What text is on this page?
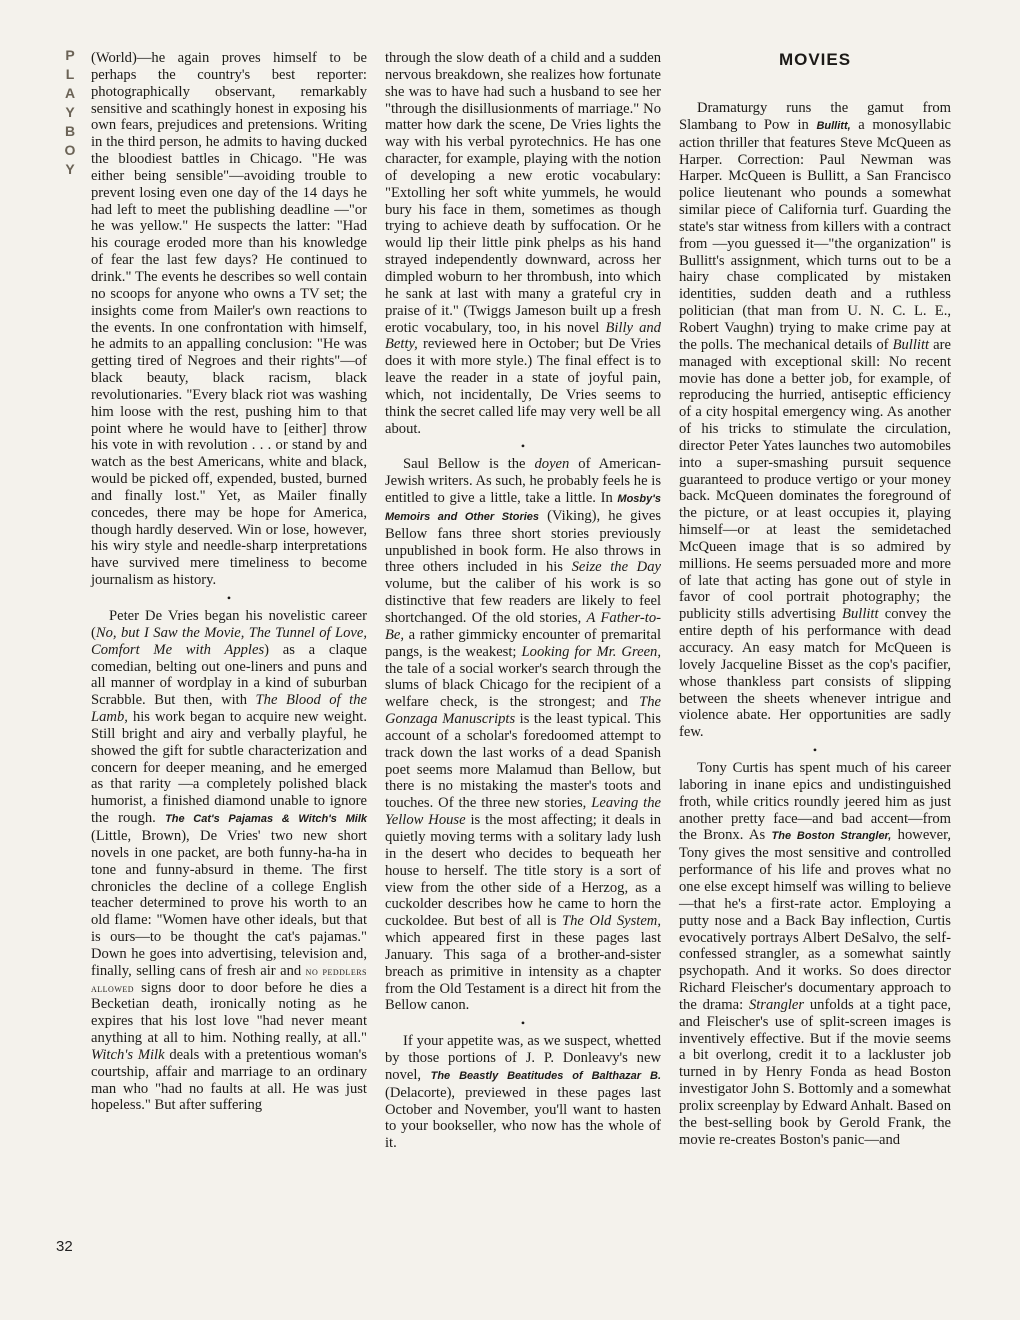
P
L
A
Y
B
O
Y
32

(World)—he again proves himself to be perhaps the country's best reporter: photographically observant, remarkably sensitive and scathingly honest in exposing his own fears, prejudices and pretensions. Writing in the third person, he admits to having ducked the bloodiest battles in Chicago. "He was either being sensible"—avoiding trouble to prevent losing even one day of the 14 days he had left to meet the publishing deadline —"or he was yellow." He suspects the latter: "Had his courage eroded more than his knowledge of fear the last few days? He continued to drink." The events he describes so well contain no scoops for anyone who owns a TV set; the insights come from Mailer's own reactions to the events. In one confrontation with himself, he admits to an appalling conclusion: "He was getting tired of Negroes and their rights"—of black beauty, black racism, black revolutionaries. "Every black riot was washing him loose with the rest, pushing him to that point where he would have to [either] throw his vote in with revolution . . . or stand by and watch as the best Americans, white and black, would be picked off, expended, busted, burned and finally lost." Yet, as Mailer finally concedes, there may be hope for America, though hardly deserved. Win or lose, however, his wiry style and needle-sharp interpretations have survived mere timeliness to become journalism as history.

•

Peter De Vries began his novelistic career (No, but I Saw the Movie, The Tunnel of Love, Comfort Me with Apples) as a claque comedian, belting out one-liners and puns and all manner of wordplay in a kind of suburban Scrabble. But then, with The Blood of the Lamb, his work began to acquire new weight. Still bright and airy and verbally playful, he showed the gift for subtle characterization and concern for deeper meaning, and he emerged as that rarity —a completely polished black humorist, a finished diamond unable to ignore the rough. The Cat's Pajamas & Witch's Milk (Little, Brown), De Vries' two new short novels in one packet, are both funny-ha-ha in tone and funny-absurd in theme. The first chronicles the decline of a college English teacher determined to prove his worth to an old flame: "Women have other ideals, but that is ours—to be thought the cat's pajamas." Down he goes into advertising, television and, finally, selling cans of fresh air and no peddlers allowed signs door to door before he dies a Becketian death, ironically noting as he expires that his lost love "had never meant anything at all to him. Nothing really, at all." Witch's Milk deals with a pretentious woman's courtship, affair and marriage to an ordinary man who "had no faults at all. He was just hopeless." But after suffering

through the slow death of a child and a sudden nervous breakdown, she realizes how fortunate she was to have had such a husband to see her "through the disillusionments of marriage." No matter how dark the scene, De Vries lights the way with his verbal pyrotechnics. He has one character, for example, playing with the notion of developing a new erotic vocabulary: "Extolling her soft white yummels, he would bury his face in them, sometimes as though trying to achieve death by suffocation. Or he would lip their little pink phelps as his hand strayed independently downward, across her dimpled woburn to her thrombush, into which he sank at last with many a grateful cry in praise of it." (Twiggs Jameson built up a fresh erotic vocabulary, too, in his novel Billy and Betty, reviewed here in October; but De Vries does it with more style.) The final effect is to leave the reader in a state of joyful pain, which, not incidentally, De Vries seems to think the secret called life may very well be all about.

•

Saul Bellow is the doyen of American-Jewish writers. As such, he probably feels he is entitled to give a little, take a little. In Mosby's Memoirs and Other Stories (Viking), he gives Bellow fans three short stories previously unpublished in book form. He also throws in three others included in his Seize the Day volume, but the caliber of his work is so distinctive that few readers are likely to feel shortchanged. Of the old stories, A Father-to-Be, a rather gimmicky encounter of premarital pangs, is the weakest; Looking for Mr. Green, the tale of a social worker's search through the slums of black Chicago for the recipient of a welfare check, is the strongest; and The Gonzaga Manuscripts is the least typical. This account of a scholar's foredoomed attempt to track down the last works of a dead Spanish poet seems more Malamud than Bellow, but there is no mistaking the master's toots and touches. Of the three new stories, Leaving the Yellow House is the most affecting; it deals in quietly moving terms with a solitary lady lush in the desert who decides to bequeath her house to herself. The title story is a sort of view from the other side of a Herzog, as a cuckolder describes how he came to horn the cuckoldee. But best of all is The Old System, which appeared first in these pages last January. This saga of a brother-and-sister breach as primitive in intensity as a chapter from the Old Testament is a direct hit from the Bellow canon.

•

If your appetite was, as we suspect, whetted by those portions of J. P. Donleavy's new novel, The Beastly Beatitudes of Balthazar B. (Delacorte), previewed in these pages last October and November, you'll want to hasten to your bookseller, who now has the whole of it.

MOVIES

Dramaturgy runs the gamut from Slambang to Pow in Bullitt, a monosyllabic action thriller that features Steve McQueen as Harper. Correction: Paul Newman was Harper. McQueen is Bullitt, a San Francisco police lieutenant who pounds a somewhat similar piece of California turf. Guarding the state's star witness from killers with a contract from —you guessed it—"the organization" is Bullitt's assignment, which turns out to be a hairy chase complicated by mistaken identities, sudden death and a ruthless politician (that man from U. N. C. L. E., Robert Vaughn) trying to make crime pay at the polls. The mechanical details of Bullitt are managed with exceptional skill: No recent movie has done a better job, for example, of reproducing the hurried, antiseptic efficiency of a city hospital emergency wing. As another of his tricks to stimulate the circulation, director Peter Yates launches two automobiles into a super-smashing pursuit sequence guaranteed to produce vertigo or your money back. McQueen dominates the foreground of the picture, or at least occupies it, playing himself—or at least the semidetached McQueen image that is so admired by millions. He seems persuaded more and more of late that acting has gone out of style in favor of cool portrait photography; the publicity stills advertising Bullitt convey the entire depth of his performance with dead accuracy. An easy match for McQueen is lovely Jacqueline Bisset as the cop's pacifier, whose thankless part consists of slipping between the sheets whenever intrigue and violence abate. Her opportunities are sadly few.

•

Tony Curtis has spent much of his career laboring in inane epics and undistinguished froth, while critics roundly jeered him as just another pretty face—and bad accent—from the Bronx. As The Boston Strangler, however, Tony gives the most sensitive and controlled performance of his life and proves what no one else except himself was willing to believe—that he's a first-rate actor. Employing a putty nose and a Back Bay inflection, Curtis evocatively portrays Albert DeSalvo, the self-confessed strangler, as a somewhat saintly psychopath. And it works. So does director Richard Fleischer's documentary approach to the drama: Strangler unfolds at a tight pace, and Fleischer's use of split-screen images is inventively effective. But if the movie seems a bit overlong, credit it to a lackluster job turned in by Henry Fonda as head Boston investigator John S. Bottomly and a somewhat prolix screenplay by Edward Anhalt. Based on the best-selling book by Gerold Frank, the movie re-creates Boston's panic—and
